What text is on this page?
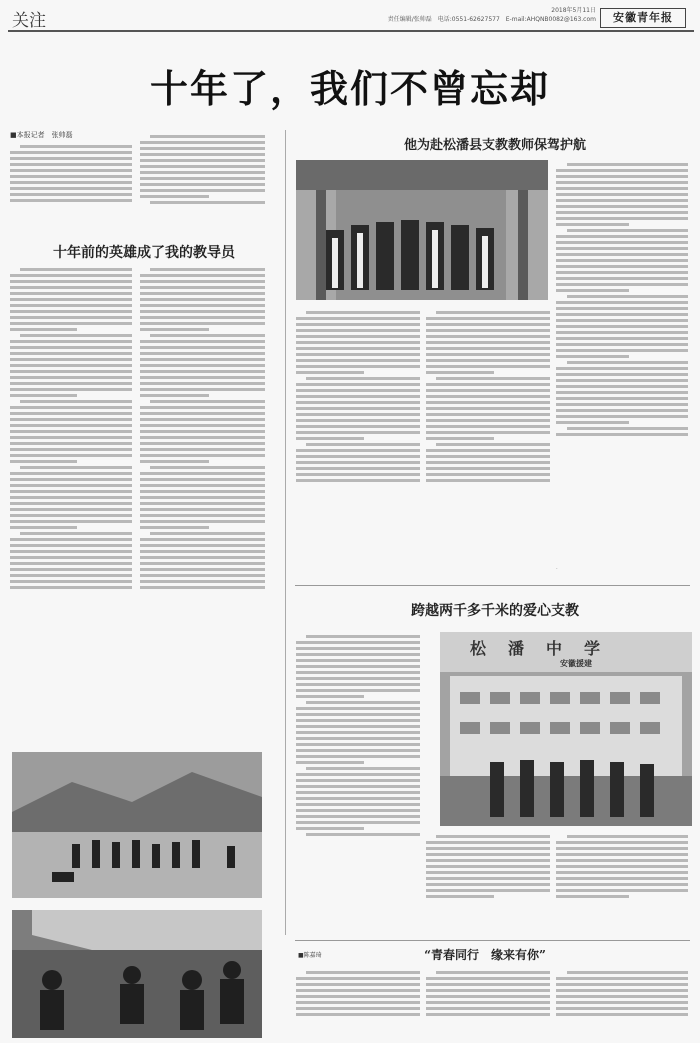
关注
2018年5月11日
责任编辑/张帅磊　电话:0551-62627577　E-mail:AHQNB0082@163.com	安徽青年报
十年了，我们不曾忘却
■本报记者　张帅磊
十年前的英雄成了我的教导员
他为赴松潘县支教教师保驾护航
·
跨越两千多千米的爱心支教
松　潘　中　学
安徽援建
■陈嘉琦	“青春同行　缘来有你”
